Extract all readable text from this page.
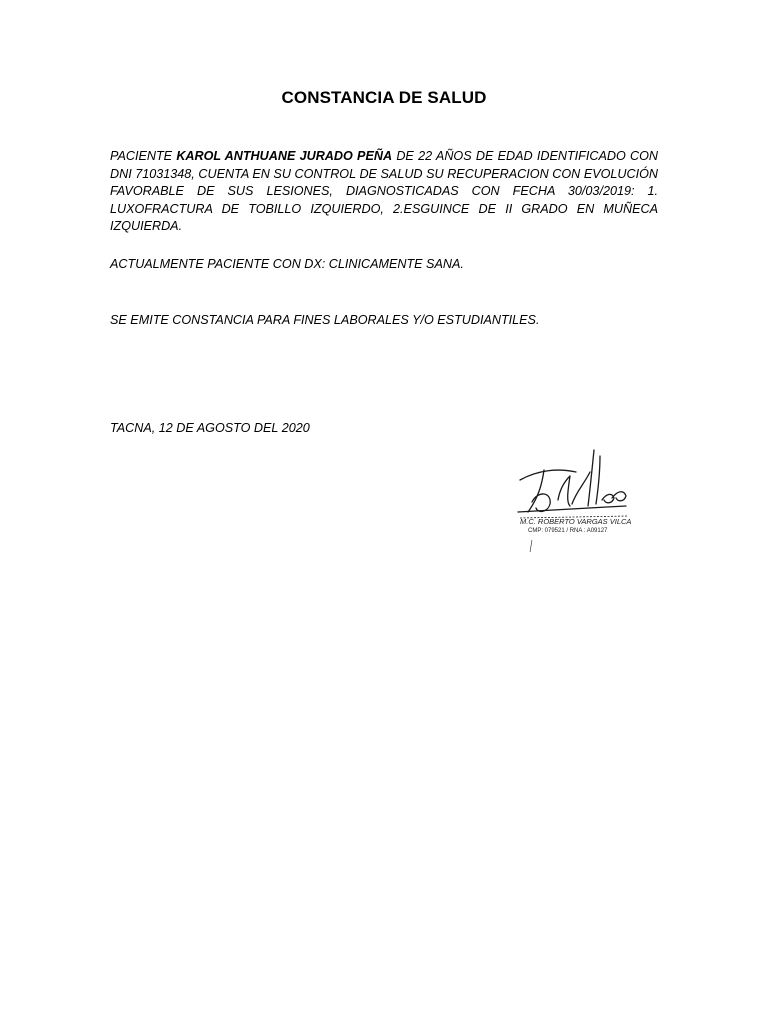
CONSTANCIA DE SALUD
PACIENTE KAROL ANTHUANE JURADO PEÑA DE 22 AÑOS DE EDAD IDENTIFICADO CON DNI 71031348, CUENTA EN SU CONTROL DE SALUD SU RECUPERACION CON EVOLUCIÓN FAVORABLE DE SUS LESIONES, DIAGNOSTICADAS CON FECHA 30/03/2019: 1. LUXOFRACTURA DE TOBILLO IZQUIERDO, 2.ESGUINCE DE II GRADO EN MUÑECA IZQUIERDA.
ACTUALMENTE PACIENTE CON DX: CLINICAMENTE SANA.
SE EMITE CONSTANCIA PARA FINES LABORALES Y/O ESTUDIANTILES.
TACNA, 12 DE AGOSTO DEL 2020
M.C. ROBERTO VARGAS VILCA
CMP: 079521 / RNA : A09127
